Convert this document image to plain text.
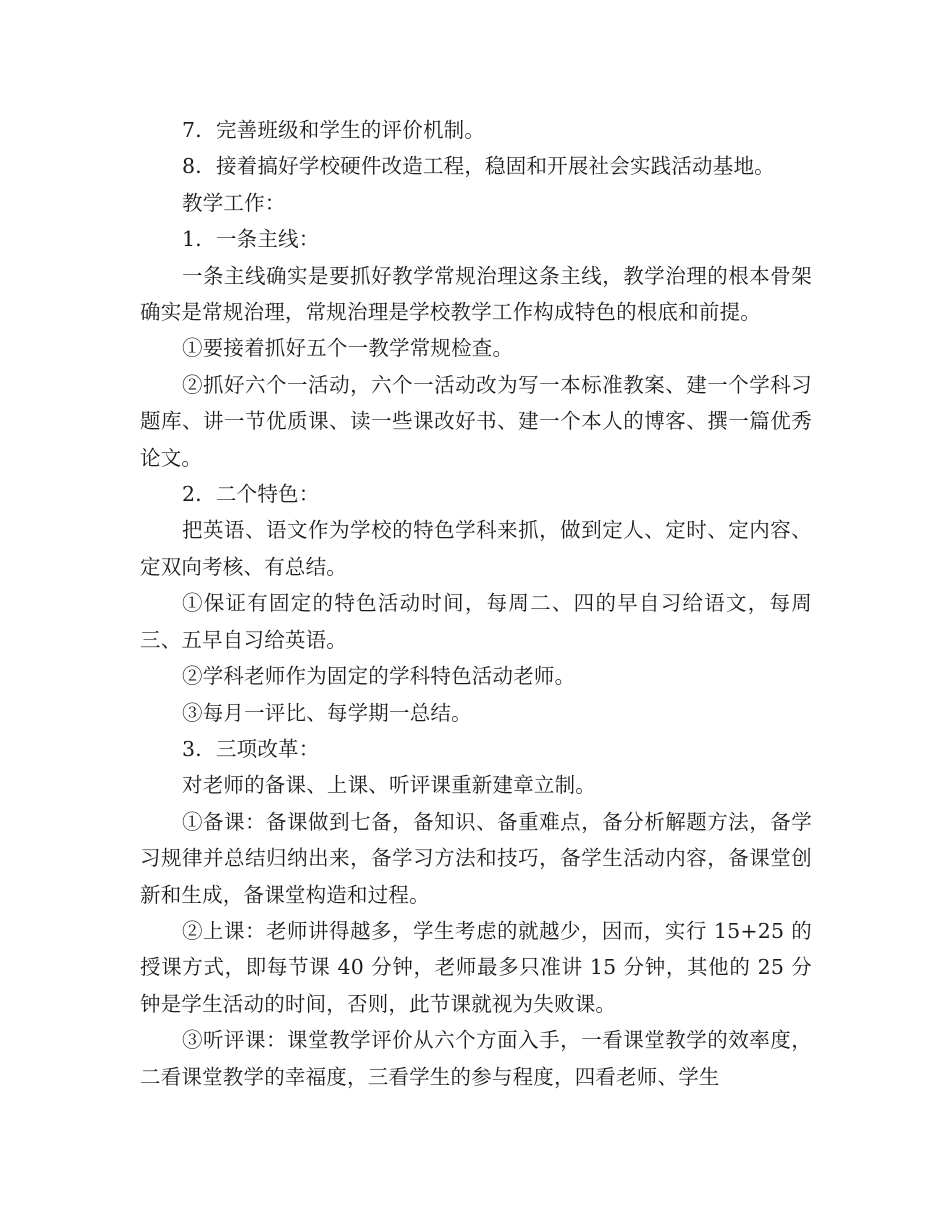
7．完善班级和学生的评价机制。

8．接着搞好学校硬件改造工程，稳固和开展社会实践活动基地。

教学工作：

1．一条主线：

一条主线确实是要抓好教学常规治理这条主线，教学治理的根本骨架确实是常规治理，常规治理是学校教学工作构成特色的根底和前提。

①要接着抓好五个一教学常规检查。

②抓好六个一活动，六个一活动改为写一本标准教案、建一个学科习题库、讲一节优质课、读一些课改好书、建一个本人的博客、撰一篇优秀论文。

2．二个特色：

把英语、语文作为学校的特色学科来抓，做到定人、定时、定内容、定双向考核、有总结。

①保证有固定的特色活动时间，每周二、四的早自习给语文，每周三、五早自习给英语。

②学科老师作为固定的学科特色活动老师。

③每月一评比、每学期一总结。

3．三项改革：

对老师的备课、上课、听评课重新建章立制。

①备课：备课做到七备，备知识、备重难点，备分析解题方法，备学习规律并总结归纳出来，备学习方法和技巧，备学生活动内容，备课堂创新和生成，备课堂构造和过程。

②上课：老师讲得越多，学生考虑的就越少，因而，实行 15+25 的授课方式，即每节课 40 分钟，老师最多只准讲 15 分钟，其他的 25 分钟是学生活动的时间，否则，此节课就视为失败课。

③听评课：课堂教学评价从六个方面入手，一看课堂教学的效率度，二看课堂教学的幸福度，三看学生的参与程度，四看老师、学生
